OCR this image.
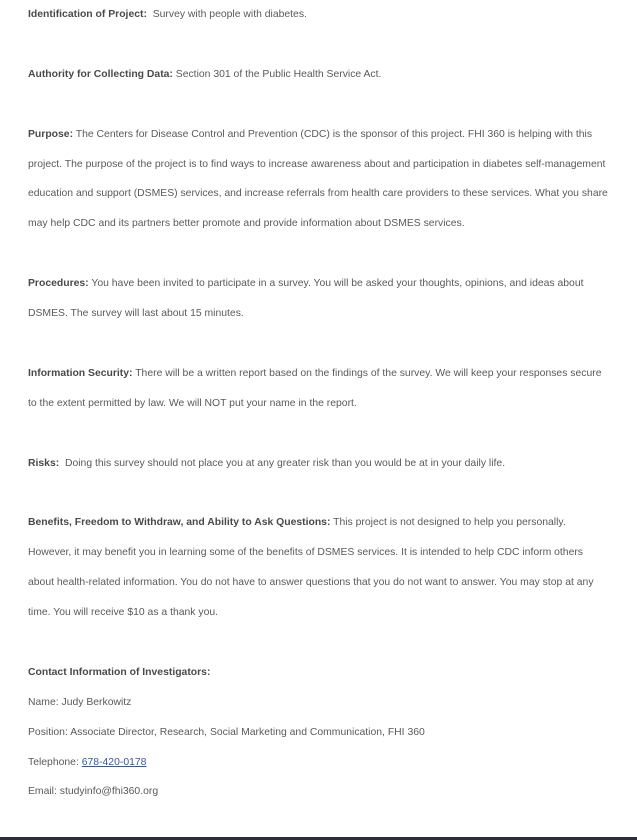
Identification of Project: Survey with people with diabetes.

Authority for Collecting Data: Section 301 of the Public Health Service Act.

Purpose: The Centers for Disease Control and Prevention (CDC) is the sponsor of this project. FHI 360 is helping with this project. The purpose of the project is to find ways to increase awareness about and participation in diabetes self-management education and support (DSMES) services, and increase referrals from health care providers to these services. What you share may help CDC and its partners better promote and provide information about DSMES services.

Procedures: You have been invited to participate in a survey. You will be asked your thoughts, opinions, and ideas about DSMES. The survey will last about 15 minutes.

Information Security: There will be a written report based on the findings of the survey. We will keep your responses secure to the extent permitted by law. We will NOT put your name in the report.

Risks: Doing this survey should not place you at any greater risk than you would be at in your daily life.

Benefits, Freedom to Withdraw, and Ability to Ask Questions: This project is not designed to help you personally. However, it may benefit you in learning some of the benefits of DSMES services. It is intended to help CDC inform others about health-related information. You do not have to answer questions that you do not want to answer. You may stop at any time. You will receive $10 as a thank you.

Contact Information of Investigators:

Name: Judy Berkowitz

Position: Associate Director, Research, Social Marketing and Communication, FHI 360

Telephone: 678-420-0178

Email: studyinfo@fhi360.org
